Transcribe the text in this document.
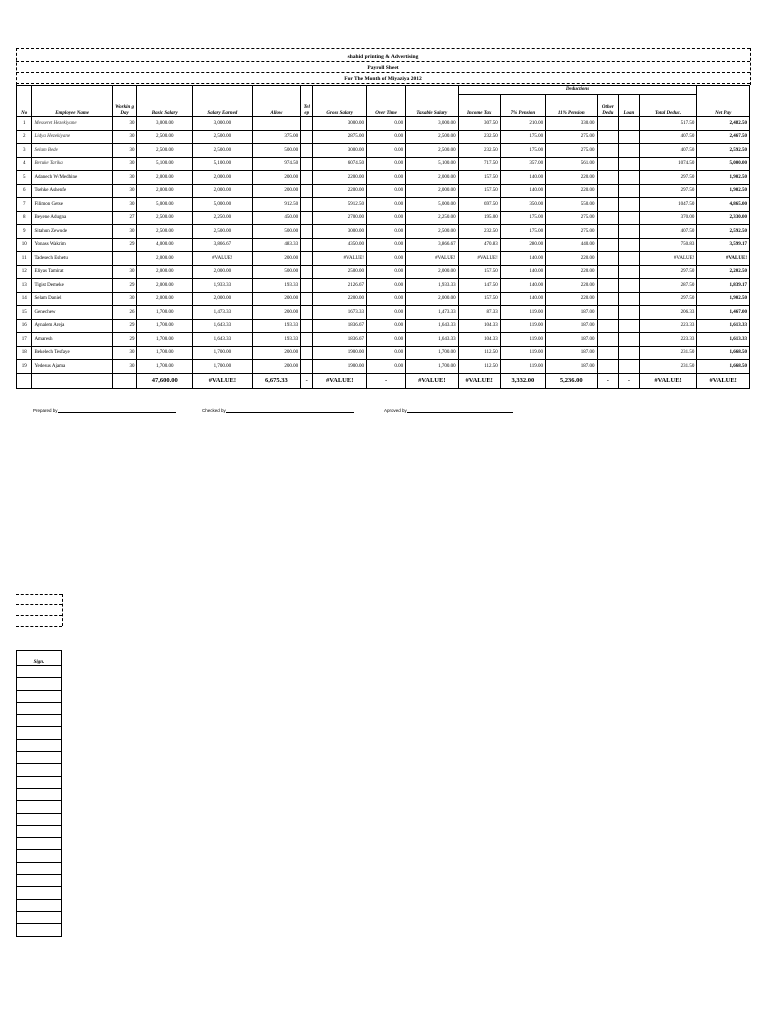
shahid printing & Advertising
Payroll Sheet
For The Month of Miyaziya 2012
No	Employee Name	Workin g Day	Basic Salary	Salary Earned	Allow	Tel ep	Gross Salary	Over Time	Taxable Salary	Deductions						Net Pay
										Income Tax	7% Pension	11% Pension	Other Dedu	Loan	Total Deduc.	
1	Messeret Hezekiyane	30	3,000.00	3,000.00			3000.00	0.00	3,000.00	307.50	210.00	330.00			517.50	2,482.50
2	Lidya Hezekiyane	30	2,500.00	2,500.00	375.00		2875.00	0.00	2,500.00	232.50	175.00	275.00			407.50	2,467.50
3	Selam Bede	30	2,500.00	2,500.00	500.00		3000.00	0.00	2,500.00	232.50	175.00	275.00			407.50	2,592.50
4	Beruke Tarika	30	5,100.00	5,100.00	974.50		6074.50	0.00	5,100.00	717.50	357.00	561.00			1074.50	5,000.00
5	Adanech W/Medhine	30	2,000.00	2,000.00	200.00		2200.00	0.00	2,000.00	157.50	140.00	220.00			297.50	1,902.50
6	Tsehke Ashenfe	30	2,000.00	2,000.00	200.00		2200.00	0.00	2,000.00	157.50	140.00	220.00			297.50	1,902.50
7	Filimon Getse	30	5,000.00	5,000.00	912.50		5912.50	0.00	5,000.00	697.50	350.00	550.00			1047.50	4,865.00
8	Beyene Adugna	27	2,500.00	2,250.00	450.00		2700.00	0.00	2,250.00	195.00	175.00	275.00			370.00	2,330.00
9	Sitahun Zewude	30	2,500.00	2,500.00	500.00		3000.00	0.00	2,500.00	232.50	175.00	275.00			407.50	2,592.50
10	Yonass Wakrim	29	4,000.00	3,866.67	483.33		4350.00	0.00	3,866.67	470.83	280.00	440.00			750.83	3,599.17
11	Tadesech Eshetu		2,000.00	#VALUE!	200.00		#VALUE!	0.00	#VALUE!	#VALUE!	140.00	220.00			#VALUE!	#VALUE!
12	Eliyas Tamirat	30	2,000.00	2,000.00	500.00		2500.00	0.00	2,000.00	157.50	140.00	220.00			297.50	2,202.50
13	Tigist Demeke	29	2,000.00	1,933.33	193.33		2126.67	0.00	1,933.33	147.50	140.00	220.00			287.50	1,839.17
14	Selam Daniel	30	2,000.00	2,000.00	200.00		2200.00	0.00	2,000.00	157.50	140.00	220.00			297.50	1,902.50
15	Genechew	26	1,700.00	1,473.33	200.00		1673.33	0.00	1,473.33	87.33	119.00	187.00			206.33	1,467.00
16	Aynalem Areja	29	1,700.00	1,643.33	193.33		1836.67	0.00	1,643.33	104.33	119.00	187.00			223.33	1,613.33
17	Amaresh	29	1,700.00	1,643.33	193.33		1836.67	0.00	1,643.33	104.33	119.00	187.00			223.33	1,613.33
18	Bekelech Tesfaye	30	1,700.00	1,700.00	200.00		1900.00	0.00	1,700.00	112.50	119.00	187.00			231.50	1,668.50
19	Yedesus Ajama	30	1,700.00	1,700.00	200.00		1900.00	0.00	1,700.00	112.50	119.00	187.00			231.50	1,668.50
			47,600.00	#VALUE!	6,675.33	-	#VALUE!	-	#VALUE!	#VALUE!	3,332.00	5,236.00	-	-	#VALUE!	#VALUE!
Prepared by	Checked by	Aproved by
Sign.
